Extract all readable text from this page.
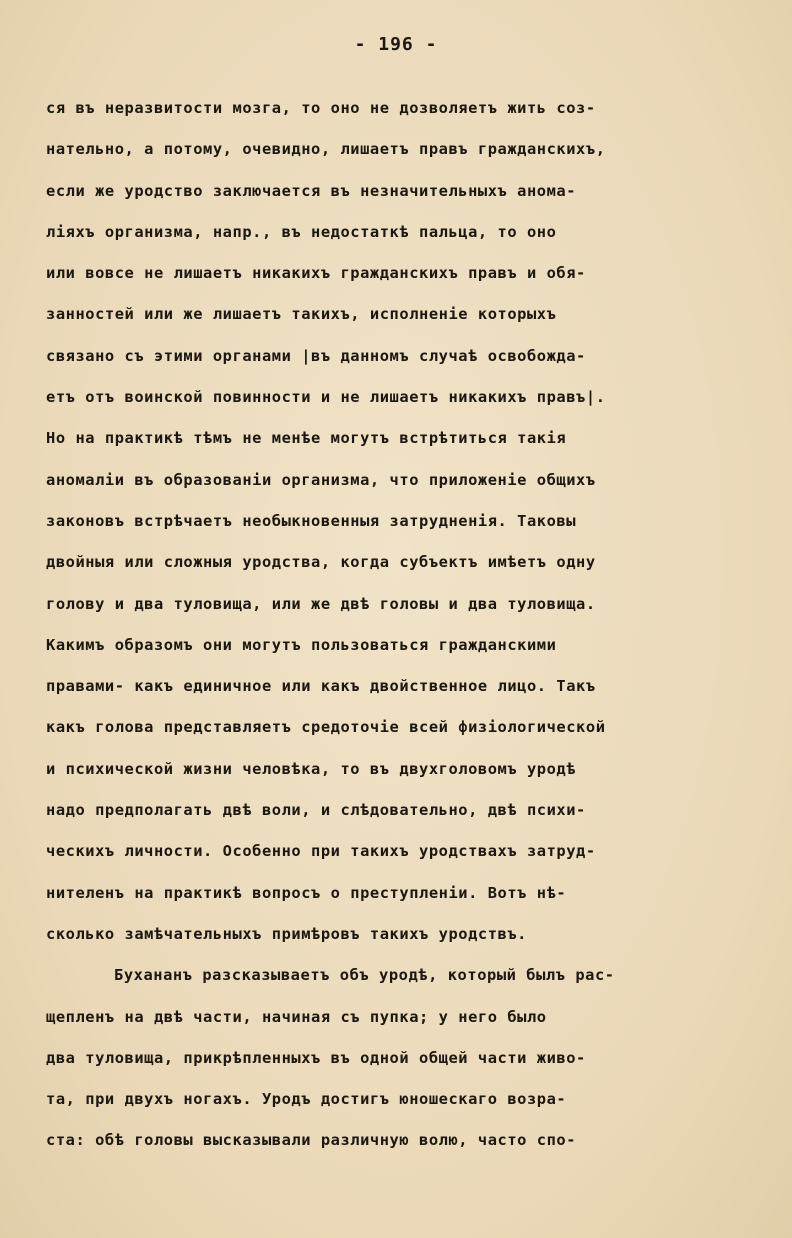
- 196 -
ся въ неразвитости мозга, то оно не дозволяетъ жить соз-
нательно, а потому, очевидно, лишаетъ правъ гражданскихъ,
если же уродство заключается въ незначительныхъ анома-
ліяхъ организма, напр., въ недостаткѣ пальца, то оно
или вовсе не лишаетъ никакихъ гражданскихъ правъ и обя-
занностей или же лишаетъ такихъ, исполненіе которыхъ
связано съ этими органами |въ данномъ случаѣ освобожда-
етъ отъ воинской повинности и не лишаетъ никакихъ правъ|.
Но на практикѣ тѣмъ не менѣе могутъ встрѣтиться такія
аномаліи въ образованіи организма, что приложеніе общихъ
законовъ встрѣчаетъ необыкновенныя затрудненія. Таковы
двойныя или сложныя уродства, когда субъектъ имѣетъ одну
голову и два туловища, или же двѣ головы и два туловища.
Какимъ образомъ они могутъ пользоваться гражданскими
правами- какъ единичное или какъ двойственное лицо. Такъ
какъ голова представляетъ средоточіе всей физіологической
и психической жизни человѣка, то въ двухголовомъ уродѣ
надо предполагать двѣ воли, и слѣдовательно, двѣ психи-
ческихъ личности. Особенно при такихъ уродствахъ затруд-
нителенъ на практикѣ вопросъ о преступленіи. Вотъ нѣ-
сколько замѣчательныхъ примѣровъ такихъ уродствъ.
Бухананъ разсказываетъ объ уродѣ, который былъ рас-
щепленъ на двѣ части, начиная съ пупка; у него было
два туловища, прикрѣпленныхъ въ одной общей части живо-
та, при двухъ ногахъ. Уродъ достигъ юношескаго возра-
ста: обѣ головы высказывали различную волю, часто спо-
